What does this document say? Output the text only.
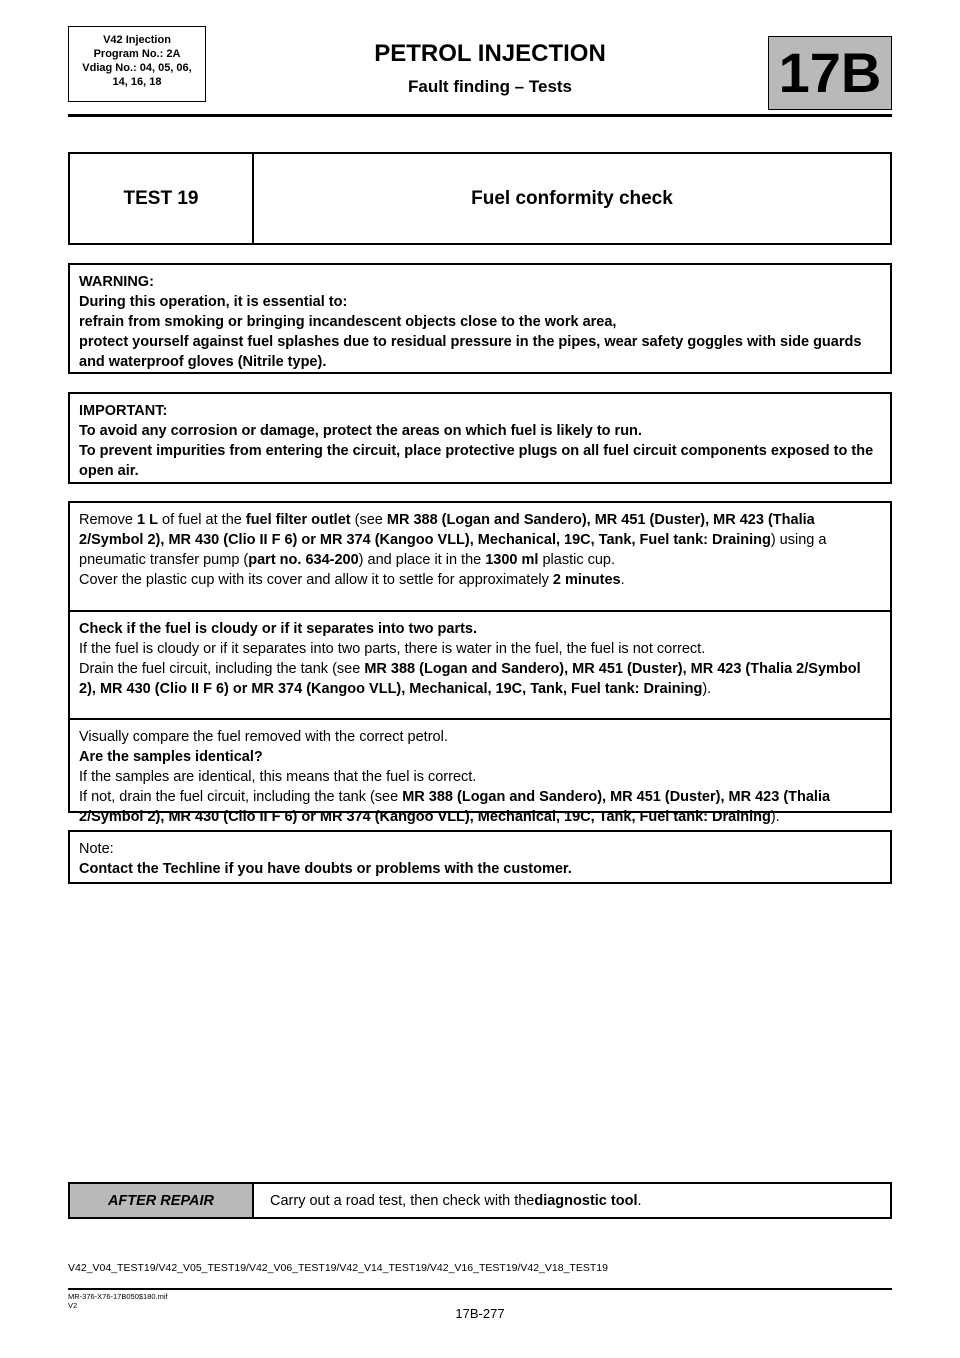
V42 Injection
Program No.: 2A
Vdiag No.: 04, 05, 06,
14, 16, 18
PETROL INJECTION
Fault finding – Tests	17B
TEST 19	Fuel conformity check

WARNING:

During this operation, it is essential to:

refrain from smoking or bringing incandescent objects close to the work area,

protect yourself against fuel splashes due to residual pressure in the pipes, wear safety goggles with side guards and waterproof gloves (Nitrile type).

IMPORTANT:

To avoid any corrosion or damage, protect the areas on which fuel is likely to run.

To prevent impurities from entering the circuit, place protective plugs on all fuel circuit components exposed to the open air.

Remove 1 L of fuel at the fuel filter outlet (see MR 388 (Logan and Sandero), MR 451 (Duster), MR 423 (Thalia 2/Symbol 2), MR 430 (Clio II F 6) or MR 374 (Kangoo VLL), Mechanical, 19C, Tank, Fuel tank: Draining) using a pneumatic transfer pump (part no. 634-200) and place it in the 1300 ml plastic cup.
Cover the plastic cup with its cover and allow it to settle for approximately 2 minutes.
Check if the fuel is cloudy or if it separates into two parts.
If the fuel is cloudy or if it separates into two parts, there is water in the fuel, the fuel is not correct.
Drain the fuel circuit, including the tank (see MR 388 (Logan and Sandero), MR 451 (Duster), MR 423 (Thalia 2/Symbol 2), MR 430 (Clio II F 6) or MR 374 (Kangoo VLL), Mechanical, 19C, Tank, Fuel tank: Draining).
Visually compare the fuel removed with the correct petrol.
Are the samples identical?
If the samples are identical, this means that the fuel is correct.
If not, drain the fuel circuit, including the tank (see MR 388 (Logan and Sandero), MR 451 (Duster), MR 423 (Thalia 2/Symbol 2), MR 430 (Clio II F 6) or MR 374 (Kangoo VLL), Mechanical, 19C, Tank, Fuel tank: Draining).

Note:

Contact the Techline if you have doubts or problems with the customer.

AFTER REPAIR	Carry out a road test, then check with the diagnostic tool .
V42_V04_TEST19/V42_V05_TEST19/V42_V06_TEST19/V42_V14_TEST19/V42_V16_TEST19/V42_V18_TEST19
MR-376-X76-17B050$180.mif
V2
17B-277
